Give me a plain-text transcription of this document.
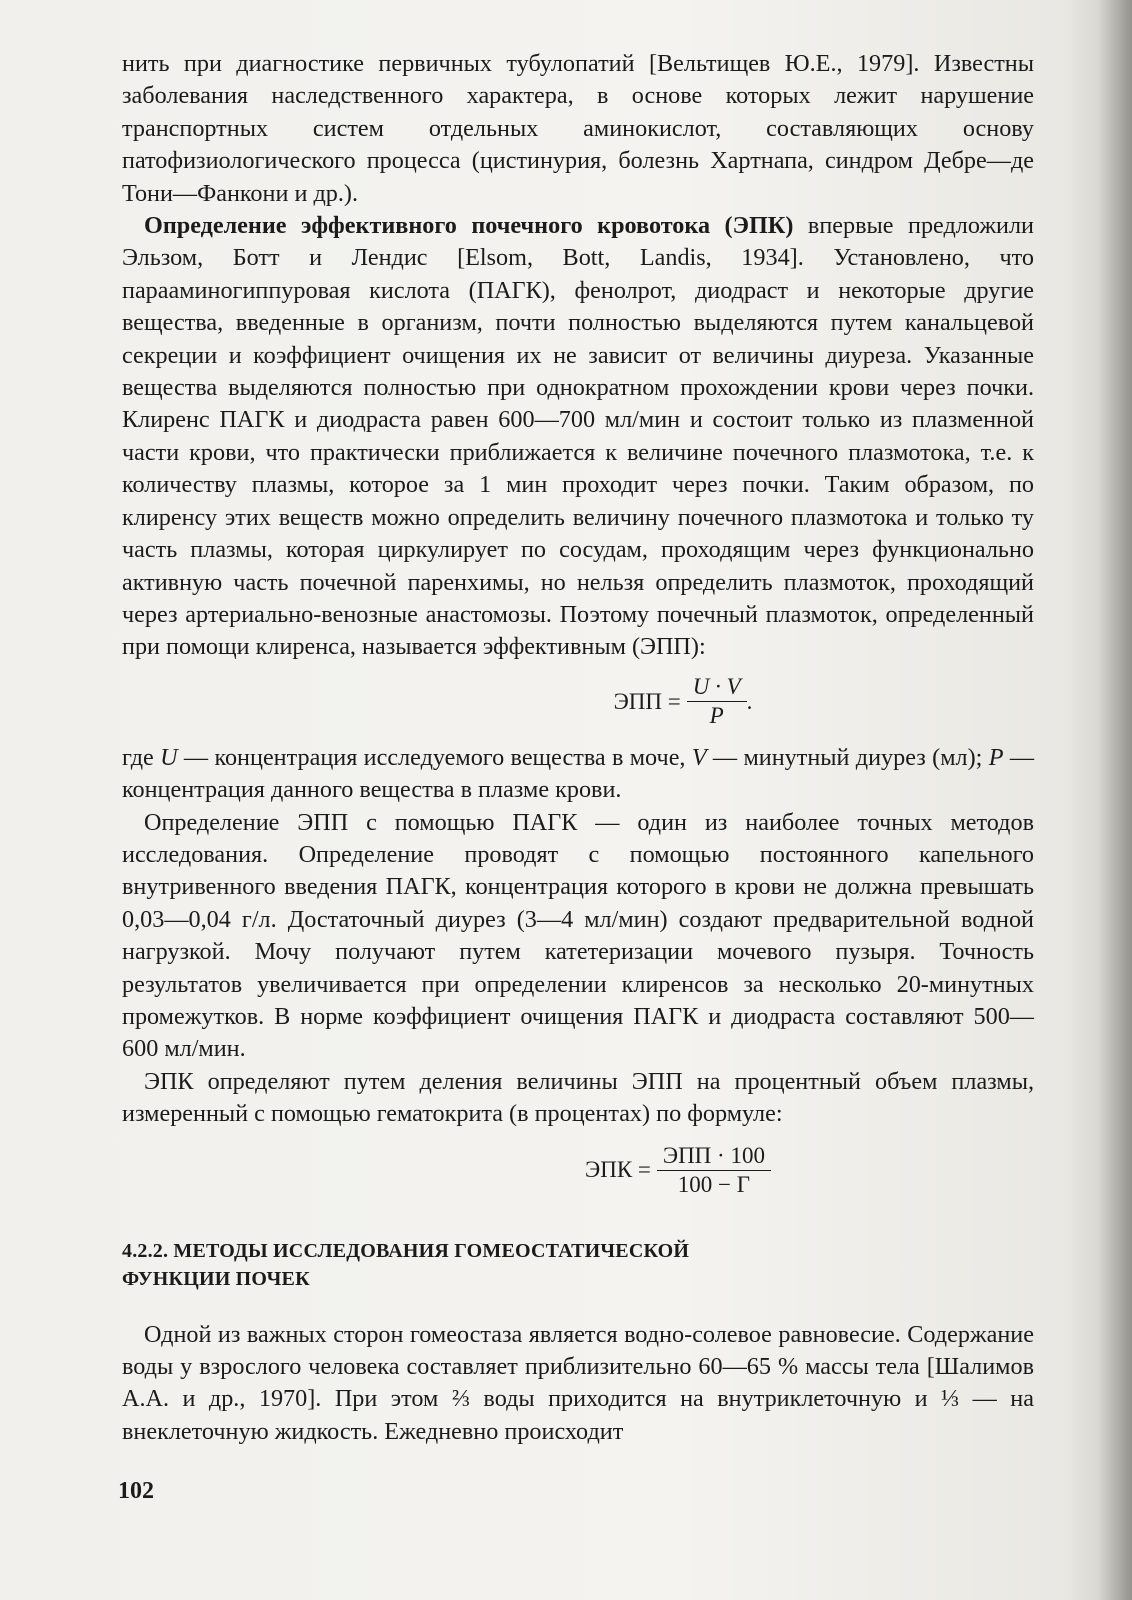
нить при диагностике первичных тубулопатий [Вельтищев Ю.Е., 1979]. Известны заболевания наследственного характера, в основе которых лежит нарушение транспортных систем отдельных аминокислот, составляющих основу патофизиологического процесса (цистинурия, болезнь Хартнапа, синдром Дебре—де Тони—Фанкони и др.).

Определение эффективного почечного кровотока (ЭПК) впервые предложили Эльзом, Ботт и Лендис [Elsom, Bott, Landis, 1934]. Установлено, что парааминогиппуровая кислота (ПАГК), фенолрот, диодраст и некоторые другие вещества, введенные в организм, почти полностью выделяются путем канальцевой секреции и коэффициент очищения их не зависит от величины диуреза. Указанные вещества выделяются полностью при однократном прохождении крови через почки. Клиренс ПАГК и диодраста равен 600—700 мл/мин и состоит только из плазменной части крови, что практически приближается к величине почечного плазмотока, т.е. к количеству плазмы, которое за 1 мин проходит через почки. Таким образом, по клиренсу этих веществ можно определить величину почечного плазмотока и только ту часть плазмы, которая циркулирует по сосудам, проходящим через функционально активную часть почечной паренхимы, но нельзя определить плазмоток, проходящий через артериально-венозные анастомозы. Поэтому почечный плазмоток, определенный при помощи клиренса, называется эффективным (ЭПП):

ЭПП = $\frac{U \cdot V}{P}$ .

где U — концентрация исследуемого вещества в моче, V — минутный диурез (мл); P — концентрация данного вещества в плазме крови.

Определение ЭПП с помощью ПАГК — один из наиболее точных методов исследования. Определение проводят с помощью постоянного капельного внутривенного введения ПАГК, концентрация которого в крови не должна превышать 0,03—0,04 г/л. Достаточный диурез (3—4 мл/мин) создают предварительной водной нагрузкой. Мочу получают путем катетеризации мочевого пузыря. Точность результатов увеличивается при определении клиренсов за несколько 20-минутных промежутков. В норме коэффициент очищения ПАГК и диодраста составляют 500—600 мл/мин.

ЭПК определяют путем деления величины ЭПП на процентный объем плазмы, измеренный с помощью гематокрита (в процентах) по формуле:

ЭПК = $\frac{\text{ЭПП · 100}}{100 - Г}$
4.2.2. МЕТОДЫ ИССЛЕДОВАНИЯ ГОМЕОСТАТИЧЕСКОЙ
ФУНКЦИИ ПОЧЕК

Одной из важных сторон гомеостаза является водно-солевое равновесие. Содержание воды у взрослого человека составляет приблизительно 60—65 % массы тела [Шалимов А.А. и др., 1970]. При этом ⅔ воды приходится на внутриклеточную и ⅓ — на внеклеточную жидкость. Ежедневно происходит

102
